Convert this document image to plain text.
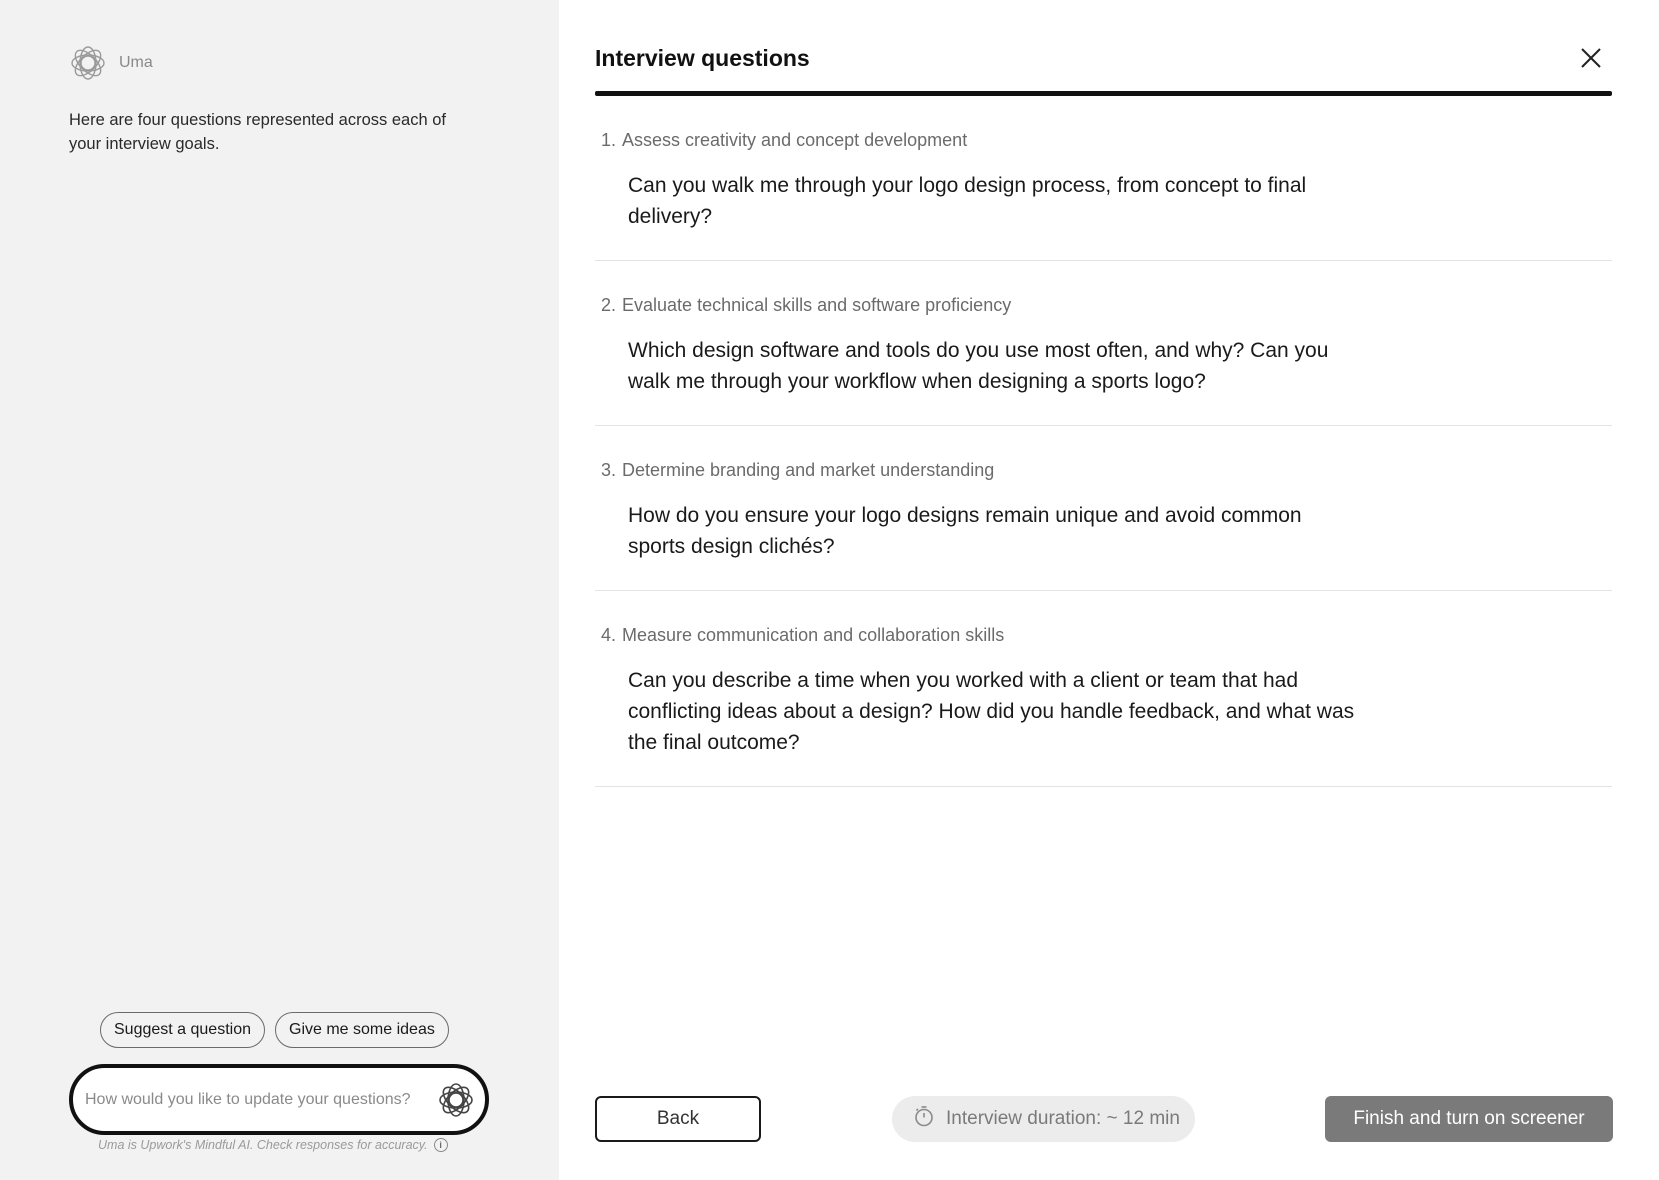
Uma

Here are four questions represented across each of your interview goals.

Suggest a question	Give me some ideas
How would you like to update your questions?
Uma is Upwork's Mindful AI. Check responses for accuracy.	i
Interview questions
1. Assess creativity and concept development
Can you walk me through your logo design process, from concept to final delivery?
2. Evaluate technical skills and software proficiency
Which design software and tools do you use most often, and why? Can you walk me through your workflow when designing a sports logo?
3. Determine branding and market understanding
How do you ensure your logo designs remain unique and avoid common sports design clichés?
4. Measure communication and collaboration skills
Can you describe a time when you worked with a client or team that had conflicting ideas about a design? How did you handle feedback, and what was the final outcome?
Back	Interview duration: ~ 12 min	Finish and turn on screener
